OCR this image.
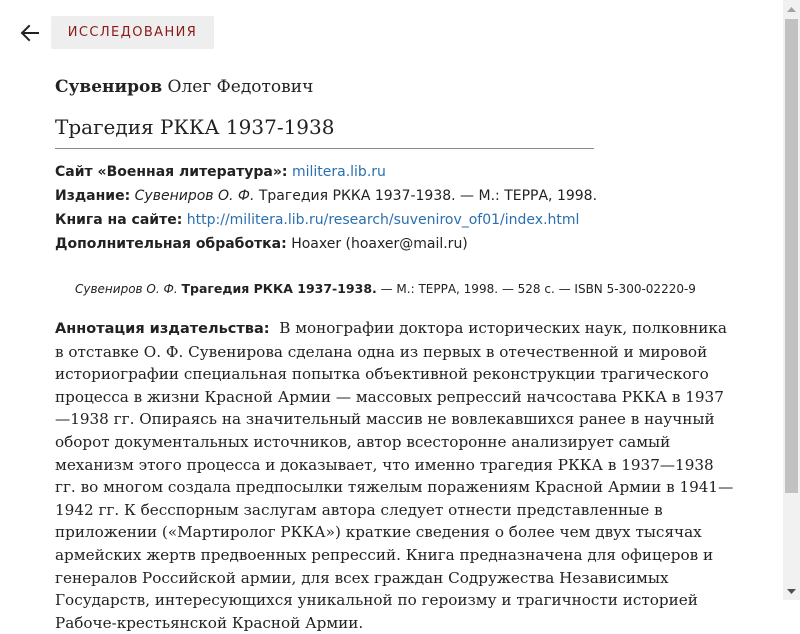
ИССЛЕДОВАНИЯ
Сувениров Олег Федотович
Трагедия РККА 1937-1938
Сайт «Военная литература»: militera.lib.ru
Издание: Сувениров О. Ф. Трагедия РККА 1937-1938. — М.: ТЕРРА, 1998.
Книга на сайте: http://militera.lib.ru/research/suvenirov_of01/index.html
Дополнительная обработка: Hoaxer (hoaxer@mail.ru)
Сувениров О. Ф. Трагедия РККА 1937-1938. — М.: ТЕРРА, 1998. — 528 с. — ISBN 5-300-02220-9
Аннотация издательства: В монографии доктора исторических наук, полковника в отставке О. Ф. Сувенирова сделана одна из первых в отечественной и мировой историографии специальная попытка объективной реконструкции трагического процесса в жизни Красной Армии — массовых репрессий начсостава РККА в 1937—1938 гг. Опираясь на значительный массив не вовлекавшихся ранее в научный оборот документальных источников, автор всесторонне анализирует самый механизм этого процесса и доказывает, что именно трагедия РККА в 1937—1938 гг. во многом создала предпосылки тяжелым поражениям Красной Армии в 1941—1942 гг. К бесспорным заслугам автора следует отнести представленные в приложении («Мартиролог РККА») краткие сведения о более чем двух тысячах армейских жертв предвоенных репрессий. Книга предназначена для офицеров и генералов Российской армии, для всех граждан Содружества Независимых Государств, интересующихся уникальной по героизму и трагичности историей Рабоче-крестьянской Красной Армии.
